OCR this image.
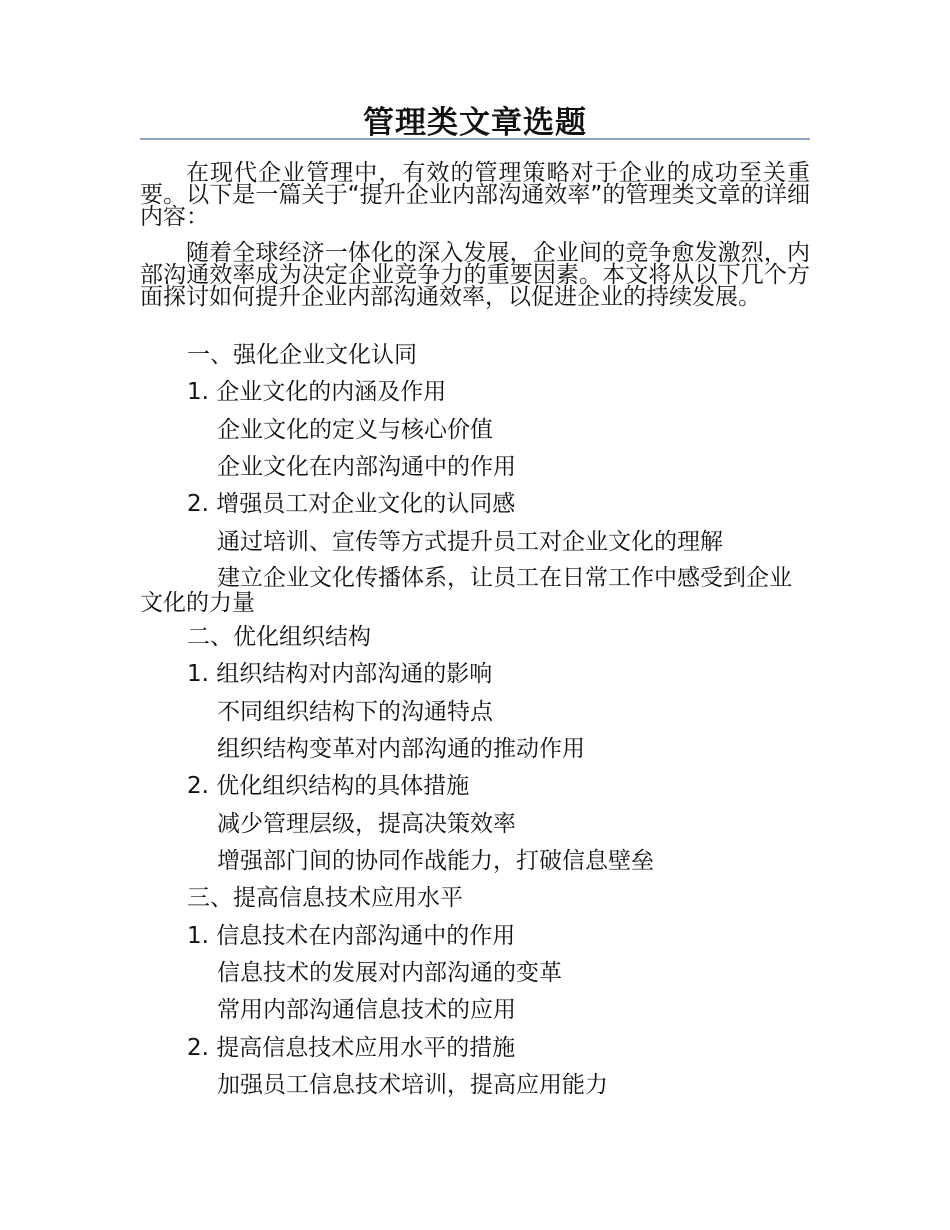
管理类文章选题
在现代企业管理中，有效的管理策略对于企业的成功至关重要。以下是一篇关于“提升企业内部沟通效率”的管理类文章的详细内容：
随着全球经济一体化的深入发展，企业间的竞争愈发激烈，内部沟通效率成为决定企业竞争力的重要因素。本文将从以下几个方面探讨如何提升企业内部沟通效率，以促进企业的持续发展。
一、强化企业文化认同
1. 企业文化的内涵及作用
企业文化的定义与核心价值
企业文化在内部沟通中的作用
2. 增强员工对企业文化的认同感
通过培训、宣传等方式提升员工对企业文化的理解
建立企业文化传播体系，让员工在日常工作中感受到企业文化的力量
二、优化组织结构
1. 组织结构对内部沟通的影响
不同组织结构下的沟通特点
组织结构变革对内部沟通的推动作用
2. 优化组织结构的具体措施
减少管理层级，提高决策效率
增强部门间的协同作战能力，打破信息壁垒
三、提高信息技术应用水平
1. 信息技术在内部沟通中的作用
信息技术的发展对内部沟通的变革
常用内部沟通信息技术的应用
2. 提高信息技术应用水平的措施
加强员工信息技术培训，提高应用能力
